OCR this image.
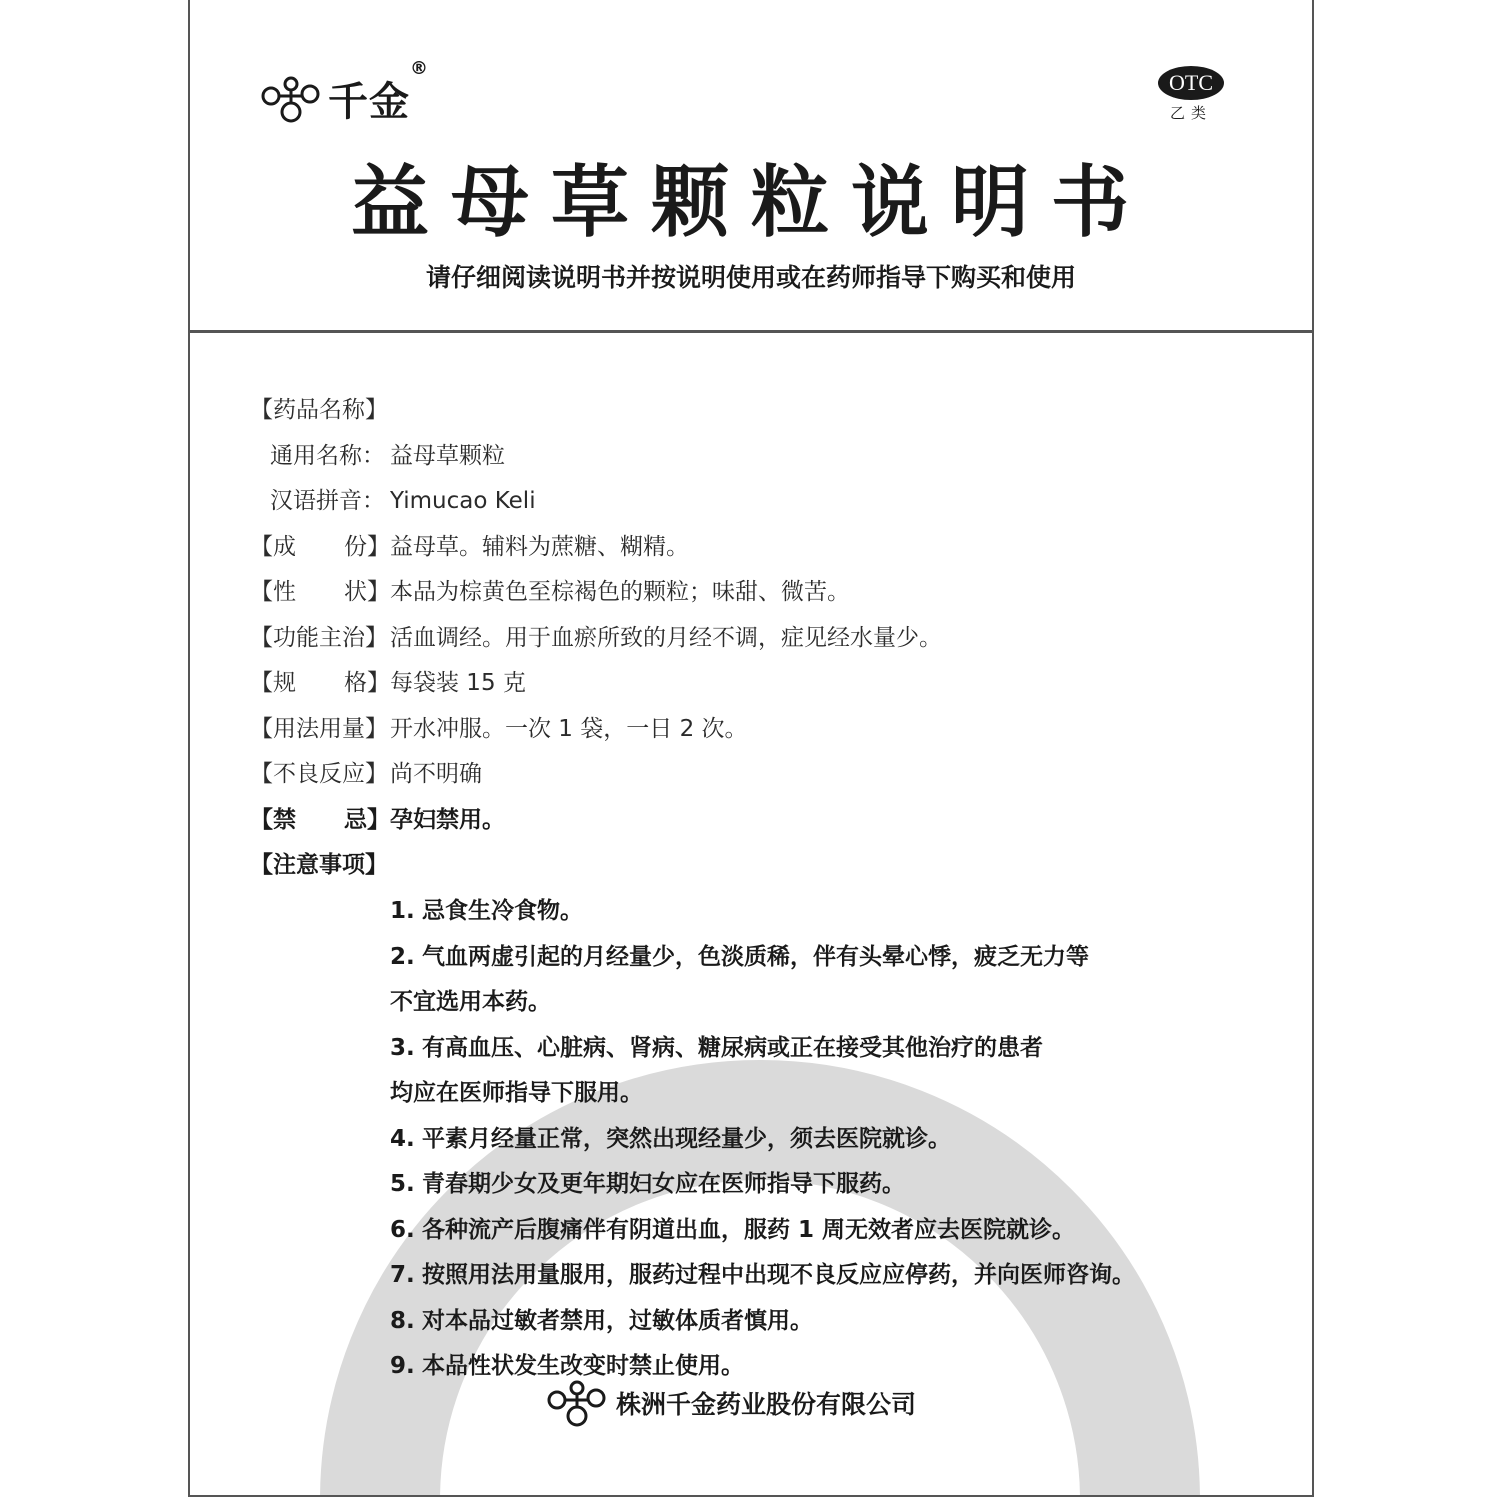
千金®
OTC
乙类
益母草颗粒说明书
请仔细阅读说明书并按说明使用或在药师指导下购买和使用
【药品名称】
通用名称： 益母草颗粒
汉语拼音： Yimucao Keli
【成 份】 益母草。辅料为蔗糖、糊精。
【性 状】 本品为棕黄色至棕褐色的颗粒；味甜、微苦。
【功能主治】 活血调经。用于血瘀所致的月经不调，症见经水量少。
【规 格】 每袋装 15 克
【用法用量】 开水冲服。一次 1 袋，一日 2 次。
【不良反应】 尚不明确
【禁 忌】 孕妇禁用。
【注意事项】
1. 忌食生冷食物。
2. 气血两虚引起的月经量少，色淡质稀，伴有头晕心悸，疲乏无力等
不宜选用本药。
3. 有高血压、心脏病、肾病、糖尿病或正在接受其他治疗的患者
均应在医师指导下服用。
4. 平素月经量正常，突然出现经量少，须去医院就诊。
5. 青春期少女及更年期妇女应在医师指导下服药。
6. 各种流产后腹痛伴有阴道出血，服药 1 周无效者应去医院就诊。
7. 按照用法用量服用，服药过程中出现不良反应应停药，并向医师咨询。
8. 对本品过敏者禁用，过敏体质者慎用。
9. 本品性状发生改变时禁止使用。
株洲千金药业股份有限公司
